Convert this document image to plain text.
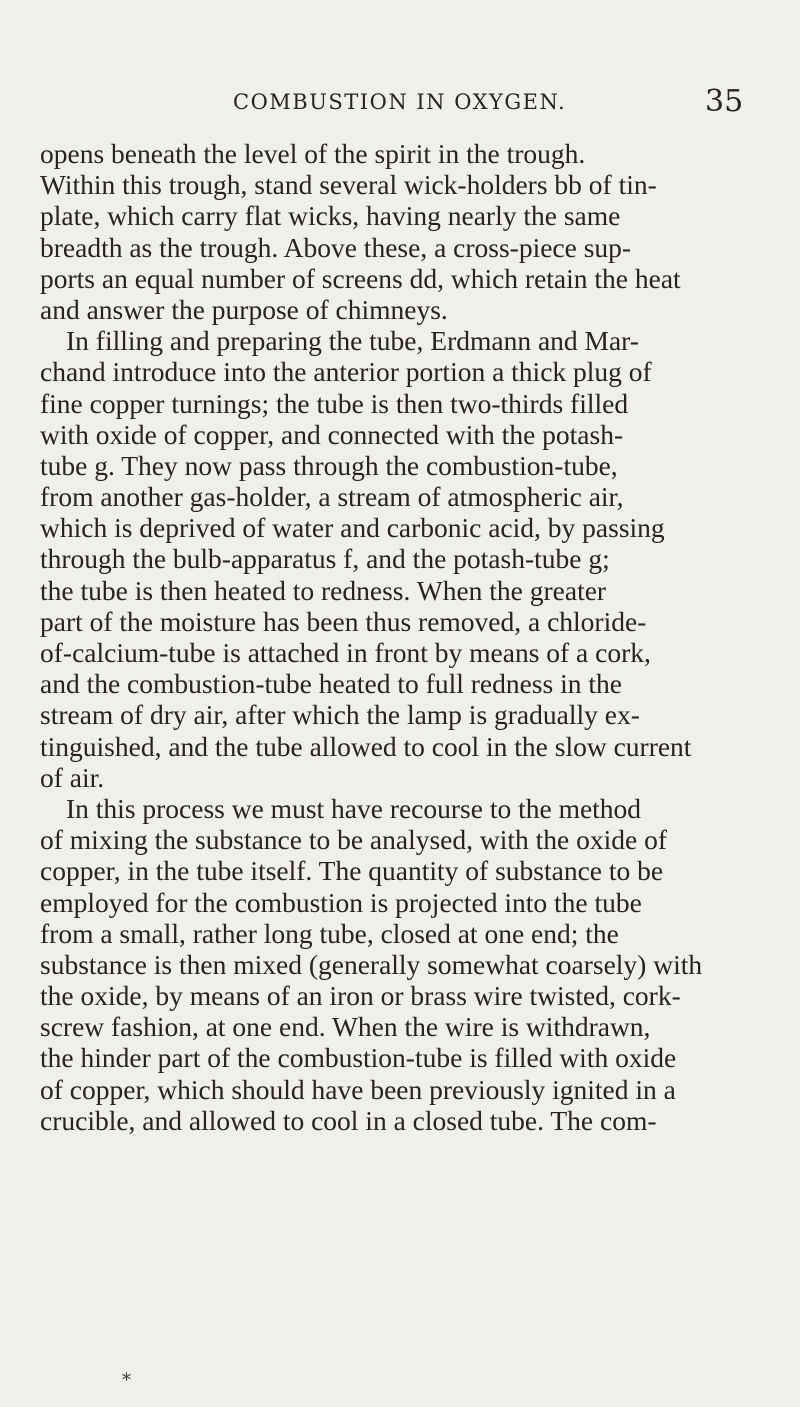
COMBUSTION IN OXYGEN.	35
opens beneath the level of the spirit in the trough.
Within this trough, stand several wick-holders bb of tin-
plate, which carry flat wicks, having nearly the same
breadth as the trough. Above these, a cross-piece sup-
ports an equal number of screens dd, which retain the heat
and answer the purpose of chimneys.
In filling and preparing the tube, Erdmann and Mar-
chand introduce into the anterior portion a thick plug of
fine copper turnings; the tube is then two-thirds filled
with oxide of copper, and connected with the potash-
tube g. They now pass through the combustion-tube,
from another gas-holder, a stream of atmospheric air,
which is deprived of water and carbonic acid, by passing
through the bulb-apparatus f, and the potash-tube g;
the tube is then heated to redness. When the greater
part of the moisture has been thus removed, a chloride-
of-calcium-tube is attached in front by means of a cork,
and the combustion-tube heated to full redness in the
stream of dry air, after which the lamp is gradually ex-
tinguished, and the tube allowed to cool in the slow current
of air.
In this process we must have recourse to the method
of mixing the substance to be analysed, with the oxide of
copper, in the tube itself. The quantity of substance to be
employed for the combustion is projected into the tube
from a small, rather long tube, closed at one end; the
substance is then mixed (generally somewhat coarsely) with
the oxide, by means of an iron or brass wire twisted, cork-
screw fashion, at one end. When the wire is withdrawn,
the hinder part of the combustion-tube is filled with oxide
of copper, which should have been previously ignited in a
crucible, and allowed to cool in a closed tube. The com-
*
